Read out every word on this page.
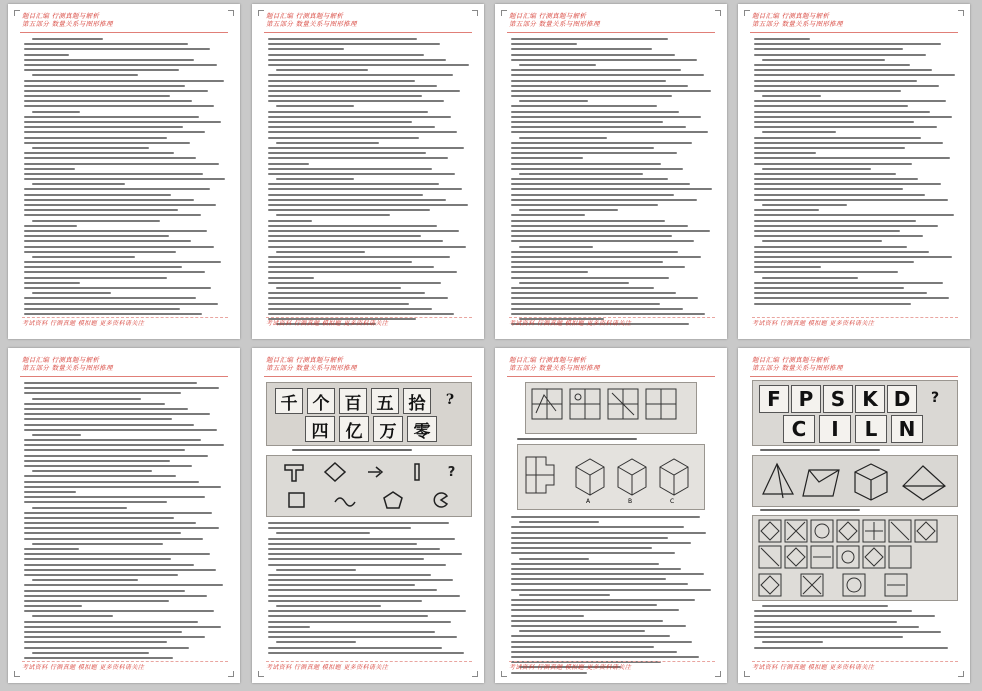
题目汇编 行测真题与解析
第五部分 数量关系与图形推理
考试资料 行测真题 模拟题 更多资料请关注
题目汇编 行测真题与解析
第五部分 数量关系与图形推理
考试资料 行测真题 模拟题 更多资料请关注
题目汇编 行测真题与解析
第五部分 数量关系与图形推理
考试资料 行测真题 模拟题 更多资料请关注
题目汇编 行测真题与解析
第五部分 数量关系与图形推理
考试资料 行测真题 模拟题 更多资料请关注
题目汇编 行测真题与解析
第五部分 数量关系与图形推理
考试资料 行测真题 模拟题 更多资料请关注
题目汇编 行测真题与解析
第五部分 数量关系与图形推理
千 个 百 五 拾	?
四	亿	万	零
?
考试资料 行测真题 模拟题 更多资料请关注
题目汇编 行测真题与解析
第五部分 数量关系与图形推理
A	B	C
考试资料 行测真题 模拟题 更多资料请关注
题目汇编 行测真题与解析
第五部分 数量关系与图形推理
F P S K D	?
C	I	L	N
考试资料 行测真题 模拟题 更多资料请关注
